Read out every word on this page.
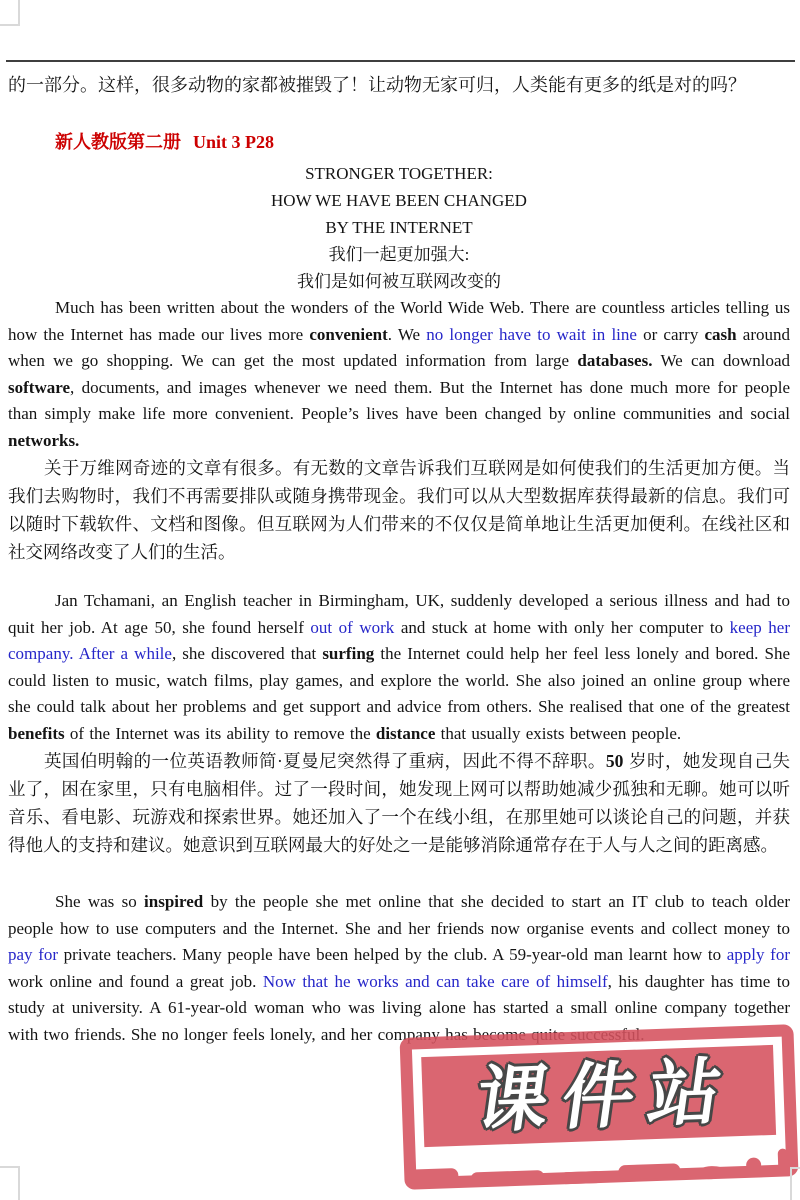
的一部分。这样，很多动物的家都被摧毁了！让动物无家可归，人类能有更多的纸是对的吗？
新人教版第二册 Unit 3 P28
STRONGER TOGETHER:
HOW WE HAVE BEEN CHANGED
BY THE INTERNET
我们一起更加强大:
我们是如何被互联网改变的

Much has been written about the wonders of the World Wide Web. There are countless articles telling us how the Internet has made our lives more convenient. We no longer have to wait in line or carry cash around when we go shopping. We can get the most updated information from large databases. We can download software, documents, and images whenever we need them. But the Internet has done much more for people than simply make life more convenient. People’s lives have been changed by online communities and social networks.

关于万维网奇迹的文章有很多。有无数的文章告诉我们互联网是如何使我们的生活更加方便。当我们去购物时，我们不再需要排队或随身携带现金。我们可以从大型数据库获得最新的信息。我们可以随时下载软件、文档和图像。但互联网为人们带来的不仅仅是简单地让生活更加便利。在线社区和社交网络改变了人们的生活。

Jan Tchamani, an English teacher in Birmingham, UK, suddenly developed a serious illness and had to quit her job. At age 50, she found herself out of work and stuck at home with only her computer to keep her company. After a while, she discovered that surfing the Internet could help her feel less lonely and bored. She could listen to music, watch films, play games, and explore the world. She also joined an online group where she could talk about her problems and get support and advice from others. She realised that one of the greatest benefits of the Internet was its ability to remove the distance that usually exists between people.

英国伯明翰的一位英语教师简·夏曼尼突然得了重病，因此不得不辞职。50 岁时，她发现自己失业了，困在家里，只有电脑相伴。过了一段时间，她发现上网可以帮助她减少孤独和无聊。她可以听音乐、看电影、玩游戏和探索世界。她还加入了一个在线小组，在那里她可以谈论自己的问题，并获得他人的支持和建议。她意识到互联网最大的好处之一是能够消除通常存在于人与人之间的距离感。

She was so inspired by the people she met online that she decided to start an IT club to teach older people how to use computers and the Internet. She and her friends now organise events and collect money to pay for private teachers. Many people have been helped by the club. A 59-year-old man learnt how to apply for work online and found a great job. Now that he works and can take care of himself, his daughter has time to study at university. A 61-year-old woman who was living alone has started a small online company together with two friends. She no longer feels lonely, and her company has become quite successful.

课件站
